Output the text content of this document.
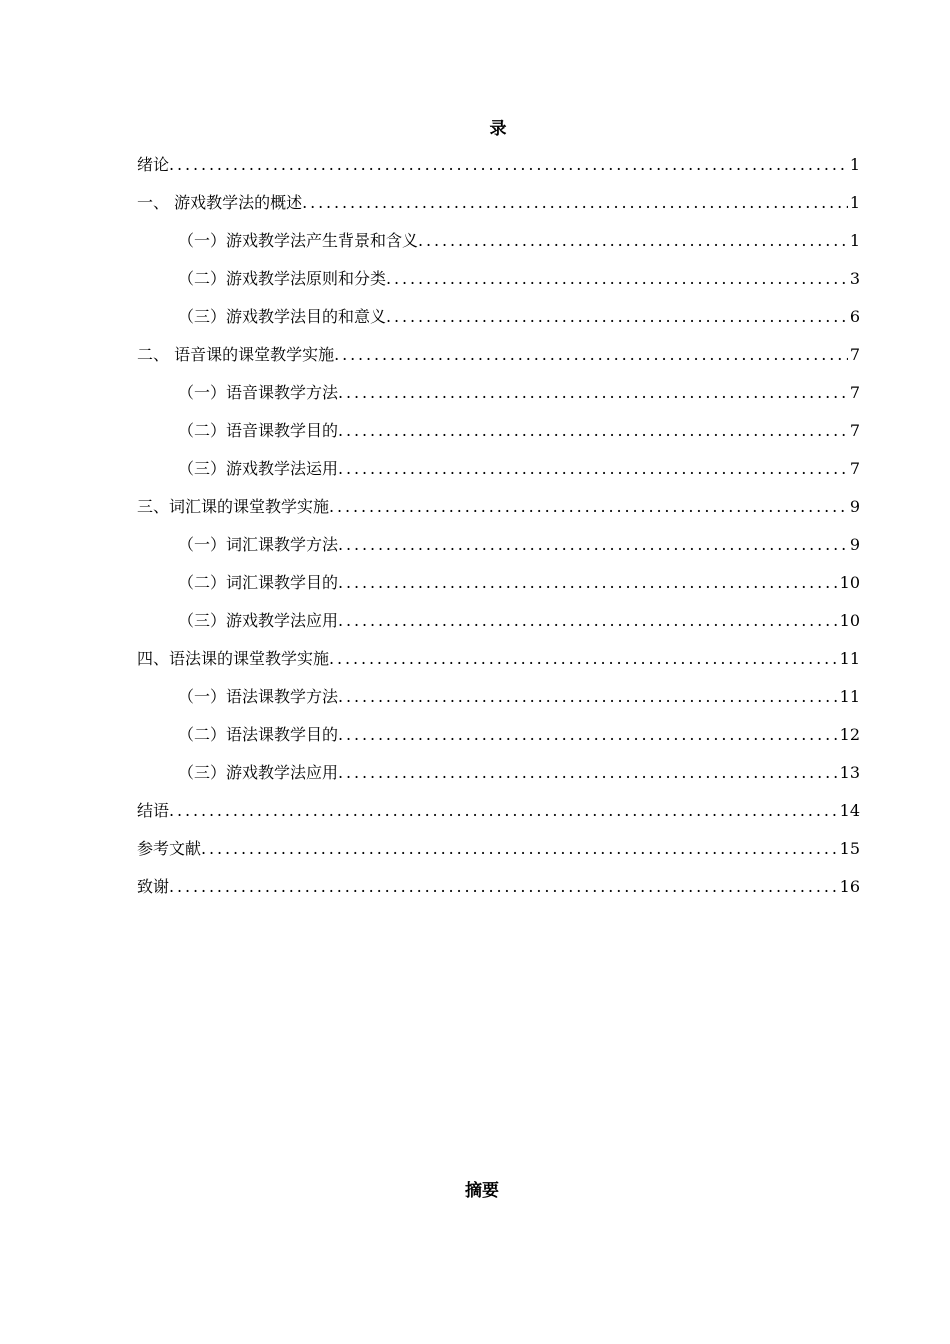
录
绪论 .....	1
一、 游戏教学法的概述 .....	1
（一）游戏教学法产生背景和含义 .....	1
（二）游戏教学法原则和分类 .....	3
（三）游戏教学法目的和意义 .....	6
二、 语音课的课堂教学实施 .....	7
（一）语音课教学方法 .....	7
（二）语音课教学目的 .....	7
（三）游戏教学法运用 .....	7
三、词汇课的课堂教学实施 .....	9
（一）词汇课教学方法 .....	9
（二）词汇课教学目的 .....	10
（三）游戏教学法应用 .....	10
四、语法课的课堂教学实施 .....	11
（一）语法课教学方法 .....	11
（二）语法课教学目的 .....	12
（三）游戏教学法应用 .....	13
结语 .....	14
参考文献 .....	15
致谢 .....	16
摘要
